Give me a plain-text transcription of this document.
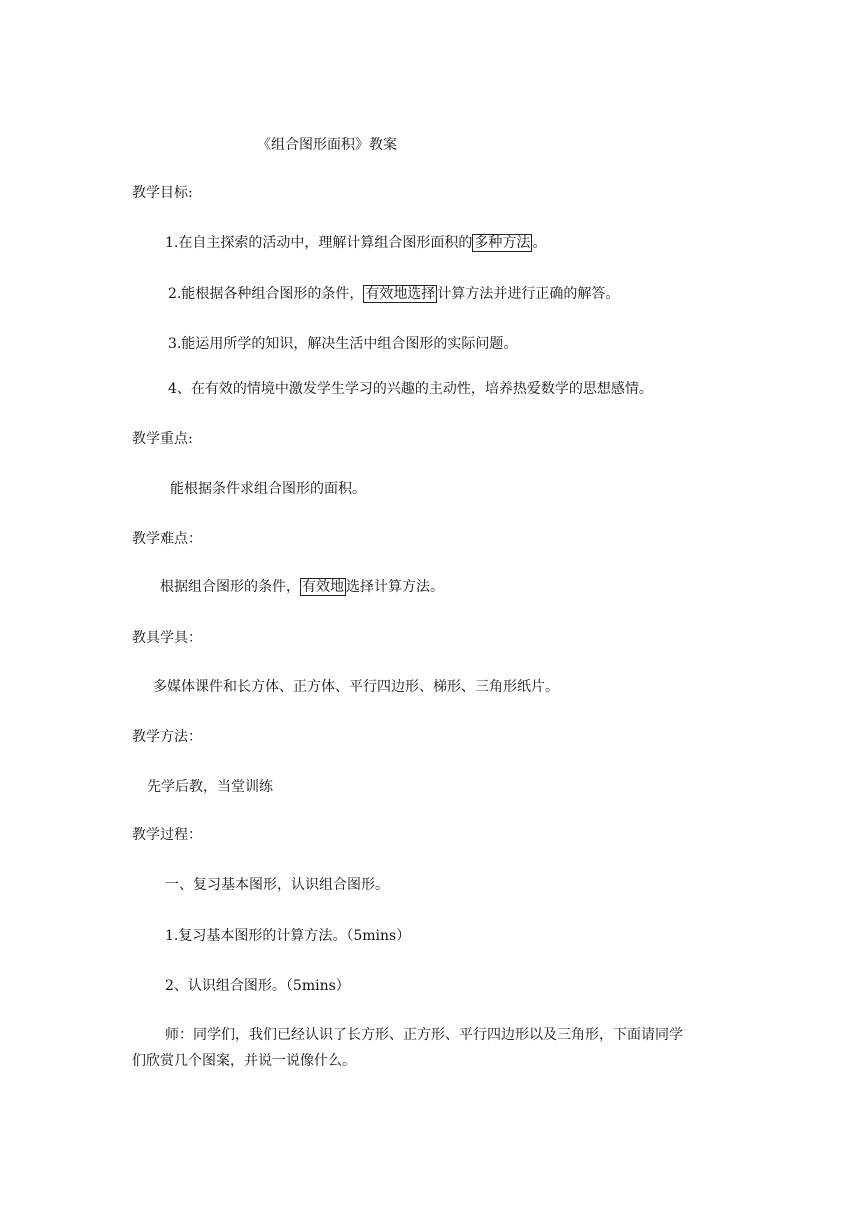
《组合图形面积》教案
教学目标:
1.在自主探索的活动中，理解计算组合图形面积的 多种方法 。
2.能根据各种组合图形的条件， 有效地选择 计算方法并进行正确的解答。
3.能运用所学的知识，解决生活中组合图形的实际问题。
4、在有效的情境中激发学生学习的兴趣的主动性，培养热爱数学的思想感情。
教学重点:
能根据条件求组合图形的面积。
教学难点：
根据组合图形的条件， 有效地 选择计算方法。
教具学具：
多媒体课件和长方体、正方体、平行四边形、梯形、三角形纸片。
教学方法：
先学后教，当堂训练
教学过程：
一、复习基本图形，认识组合图形。
1.复习基本图形的计算方法。（5mins）
2、认识组合图形。（5mins）
师：同学们，我们已经认识了长方形、正方形、平行四边形以及三角形，下面请同学
们欣赏几个图案，并说一说像什么。
